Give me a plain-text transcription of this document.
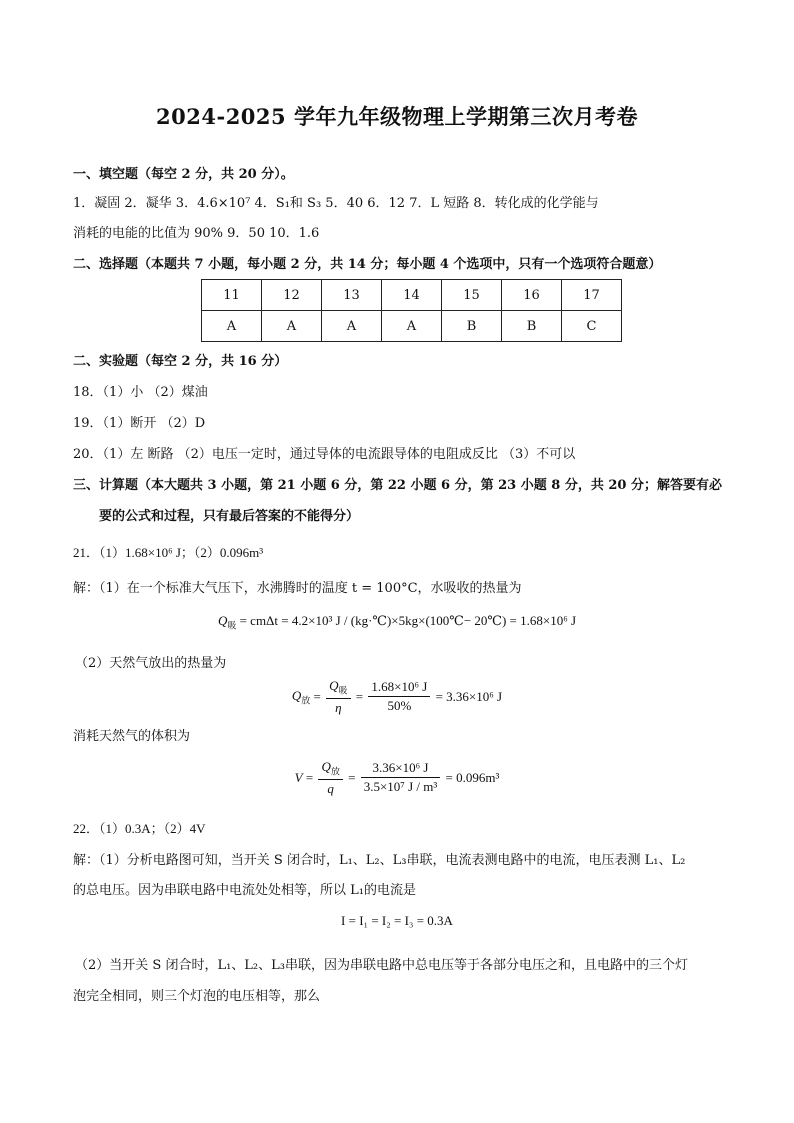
2024-2025 学年九年级物理上学期第三次月考卷
一、填空题（每空 2 分，共 20 分）。
1．凝固 2．凝华 3．4.6×10⁷ 4．S₁和 S₃ 5．40 6．12 7．L 短路 8．转化成的化学能与
消耗的电能的比值为 90% 9．50 10．1.6
二、选择题（本题共 7 小题，每小题 2 分，共 14 分；每小题 4 个选项中，只有一个选项符合题意）
11	12	13	14	15	16	17
A	A	A	A	B	B	C
二、实验题（每空 2 分，共 16 分）
18．（1）小 （2）煤油
19．（1）断开 （2）D
20．（1）左 断路 （2）电压一定时，通过导体的电流跟导体的电阻成反比 （3）不可以
三、计算题（本大题共 3 小题，第 21 小题 6 分，第 22 小题 6 分，第 23 小题 8 分，共 20 分；解答要有必
要的公式和过程，只有最后答案的不能得分）
21．（1）1.68×10⁶ J；（2）0.096m³
解：（1）在一个标准大气压下，水沸腾时的温度 t = 100°C，水吸收的热量为
$Q_吸 = cm\Delta t = 4.2\times 10^3$ J / (kg·℃)×5kg×(100℃− 20℃) = 1.68×10⁶ J
（2）天然气放出的热量为
$Q_放 = \frac{Q_吸}{\eta} = \frac{\text{1.68×10⁶ J}}{50\%} = 3.36\times 10^6$ J
消耗天然气的体积为
$V = \frac{Q_放}{q} = \frac{\text{3.36×10⁶ J}}{\text{3.5×10⁷ J / m³}} = 0.096m^3$
22．（1）0.3A；（2）4V
解：（1）分析电路图可知，当开关 S 闭合时，L₁、L₂、L₃串联，电流表测电路中的电流，电压表测 L₁、L₂
的总电压。因为串联电路中电流处处相等，所以 L₁的电流是
I = I₁ = I₂ = I₃ = 0.3A
（2）当开关 S 闭合时，L₁、L₂、L₃串联，因为串联电路中总电压等于各部分电压之和，且电路中的三个灯
泡完全相同，则三个灯泡的电压相等，那么
